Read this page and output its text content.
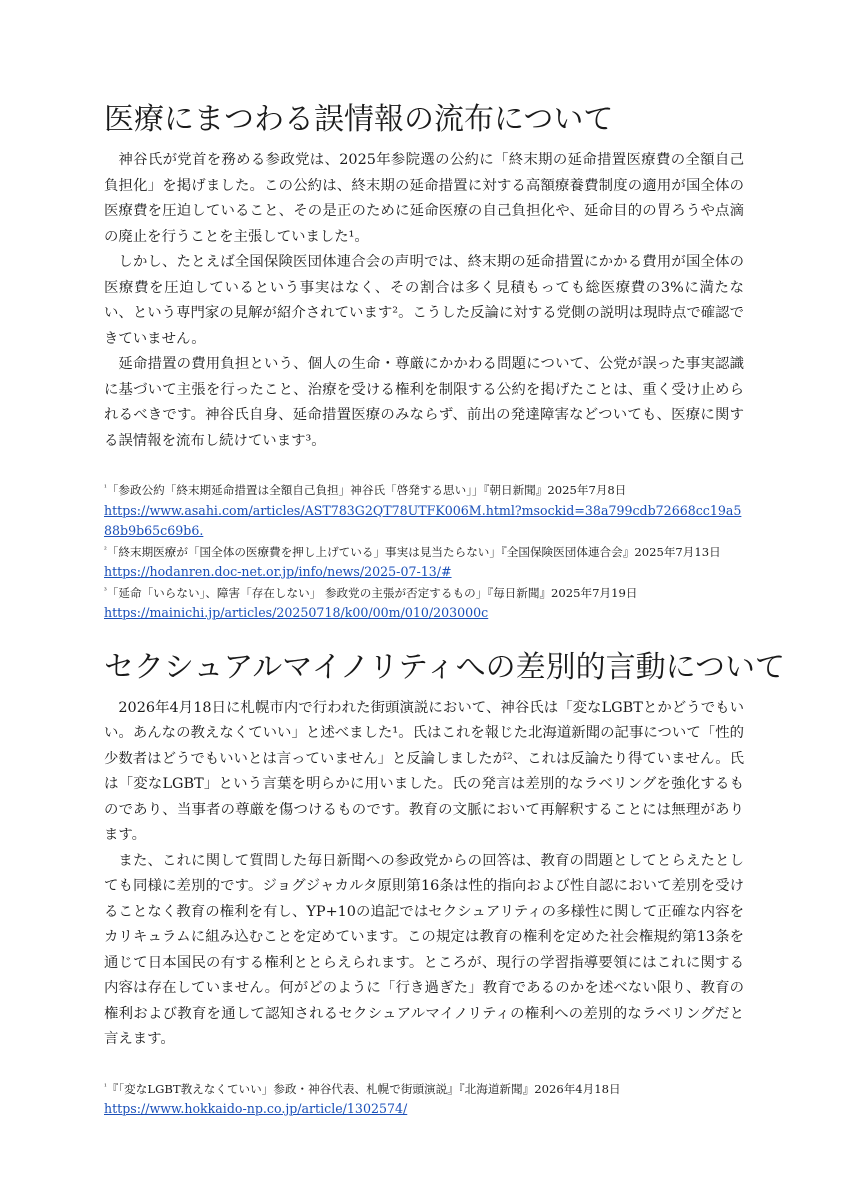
医療にまつわる誤情報の流布について

神谷氏が党首を務める参政党は、2025年参院選の公約に「終末期の延命措置医療費の全額自己負担化」を掲げました。この公約は、終末期の延命措置に対する高額療養費制度の適用が国全体の医療費を圧迫していること、その是正のために延命医療の自己負担化や、延命目的の胃ろうや点滴の廃止を行うことを主張していました¹。

しかし、たとえば全国保険医団体連合会の声明では、終末期の延命措置にかかる費用が国全体の医療費を圧迫しているという事実はなく、その割合は多く見積もっても総医療費の3%に満たない、という専門家の見解が紹介されています²。こうした反論に対する党側の説明は現時点で確認できていません。

延命措置の費用負担という、個人の生命・尊厳にかかわる問題について、公党が誤った事実認識に基づいて主張を行ったこと、治療を受ける権利を制限する公約を掲げたことは、重く受け止められるべきです。神谷氏自身、延命措置医療のみならず、前出の発達障害などついても、医療に関する誤情報を流布し続けています³。

$^{^1}$「参政公約「終末期延命措置は全額自己負担」神谷氏「啓発する思い」」『朝日新聞』2025年7月8日
https://www.asahi.com/articles/AST783G2QT78UTFK006M.html?msockid=38a799cdb72668cc19a588b9b65c69b6.
$^{^2}$「終末期医療が「国全体の医療費を押し上げている」事実は見当たらない」『全国保険医団体連合会』2025年7月13日
https://hodanren.doc-net.or.jp/info/news/2025-07-13/#
$^{^3}$「延命「いらない」、障害「存在しない」 参政党の主張が否定するもの」『毎日新聞』2025年7月19日
https://mainichi.jp/articles/20250718/k00/00m/010/203000c
セクシュアルマイノリティへの差別的言動について

2026年4月18日に札幌市内で行われた街頭演説において、神谷氏は「変なLGBTとかどうでもいい。あんなの教えなくていい」と述べました¹。氏はこれを報じた北海道新聞の記事について「性的少数者はどうでもいいとは言っていません」と反論しましたが²、これは反論たり得ていません。氏は「変なLGBT」という言葉を明らかに用いました。氏の発言は差別的なラベリングを強化するものであり、当事者の尊厳を傷つけるものです。教育の文脈において再解釈することには無理があります。

また、これに関して質問した毎日新聞への参政党からの回答は、教育の問題としてとらえたとしても同様に差別的です。ジョグジャカルタ原則第16条は性的指向および性自認において差別を受けることなく教育の権利を有し、YP+10の追記ではセクシュアリティの多様性に関して正確な内容をカリキュラムに組み込むことを定めています。この規定は教育の権利を定めた社会権規約第13条を通じて日本国民の有する権利ととらえられます。ところが、現行の学習指導要領にはこれに関する内容は存在していません。何がどのように「行き過ぎた」教育であるのかを述べない限り、教育の権利および教育を通して認知されるセクシュアルマイノリティの権利への差別的なラベリングだと言えます。

$^{^1}$『「変なLGBT教えなくていい」参政・神谷代表、札幌で街頭演説』『北海道新聞』2026年4月18日
https://www.hokkaido-np.co.jp/article/1302574/
